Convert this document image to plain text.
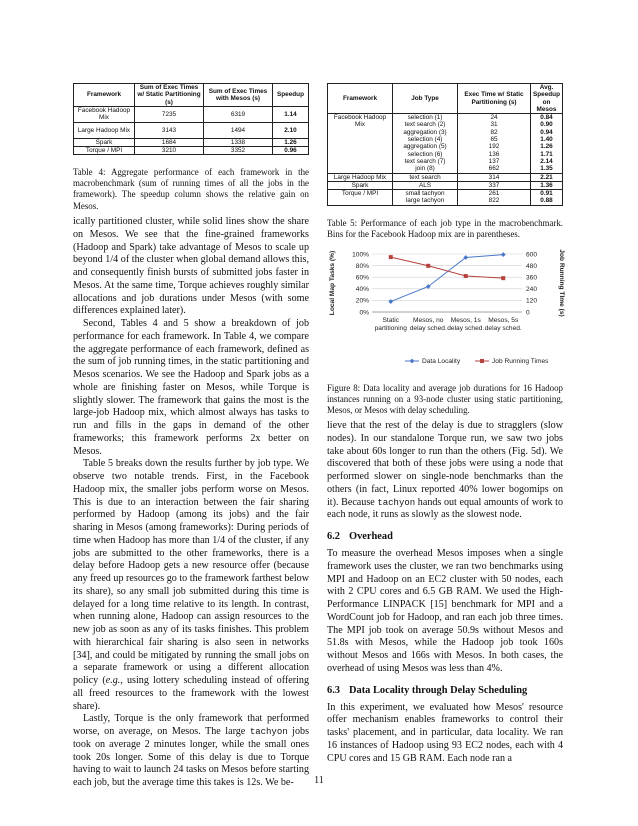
Framework	Sum of Exec Times w/ Static Partitioning (s)	Sum of Exec Times with Mesos (s)	Speedup
Facebook Hadoop Mix	7235	6319	1.14
Large Hadoop Mix	3143	1494	2.10
Spark	1684	1338	1.26
Torque / MPI	3210	3352	0.96
Table 4: Aggregate performance of each framework in the macrobenchmark (sum of running times of all the jobs in the framework). The speedup column shows the relative gain on Mesos.
Framework	Job Type	Exec Time w/ Static Partitioning (s)	Avg. Speedup on Mesos
Facebook Hadoop	selection (1)	24	0.84
Mix	text search (2)	31	0.90
	aggregation (3)	82	0.94
	selection (4)	65	1.40
	aggregation (5)	192	1.26
	selection (6)	136	1.71
	text search (7)	137	2.14
	join (8)	662	1.35
Large Hadoop Mix	text search	314	2.21
Spark	ALS	337	1.36
Torque / MPI	small tachyon	261	0.91
	large tachyon	822	0.88
Table 5: Performance of each job type in the macrobenchmark. Bins for the Facebook Hadoop mix are in parentheses.
0%
20%
40%
60%
80%
100%
0
120
240
360
480
600
Local Map Tasks (%)	Job Running TIme (s)
Static
partitioning
Mesos, no
delay sched.
Mesos, 1s
delay sched.
Mesos, 5s
delay sched.
Data Locality	Job Running Times
Figure 8: Data locality and average job durations for 16 Hadoop instances running on a 93-node cluster using static partitioning, Mesos, or Mesos with delay scheduling.

ically partitioned cluster, while solid lines show the share on Mesos. We see that the fine-grained frameworks (Hadoop and Spark) take advantage of Mesos to scale up beyond 1/4 of the cluster when global demand allows this, and consequently finish bursts of submitted jobs faster in Mesos. At the same time, Torque achieves roughly similar allocations and job durations under Mesos (with some differences explained later).

Second, Tables 4 and 5 show a breakdown of job performance for each framework. In Table 4, we compare the aggregate performance of each framework, defined as the sum of job running times, in the static partitioning and Mesos scenarios. We see the Hadoop and Spark jobs as a whole are finishing faster on Mesos, while Torque is slightly slower. The framework that gains the most is the large-job Hadoop mix, which almost always has tasks to run and fills in the gaps in demand of the other frameworks; this framework performs 2x better on Mesos.

Table 5 breaks down the results further by job type. We observe two notable trends. First, in the Facebook Hadoop mix, the smaller jobs perform worse on Mesos. This is due to an interaction between the fair sharing performed by Hadoop (among its jobs) and the fair sharing in Mesos (among frameworks): During periods of time when Hadoop has more than 1/4 of the cluster, if any jobs are submitted to the other frameworks, there is a delay before Hadoop gets a new resource offer (because any freed up resources go to the framework farthest below its share), so any small job submitted during this time is delayed for a long time relative to its length. In contrast, when running alone, Hadoop can assign resources to the new job as soon as any of its tasks finishes. This problem with hierarchical fair sharing is also seen in networks [34], and could be mitigated by running the small jobs on a separate framework or using a different allocation policy (e.g., using lottery scheduling instead of offering all freed resources to the framework with the lowest share).

Lastly, Torque is the only framework that performed worse, on average, on Mesos. The large tachyon jobs took on average 2 minutes longer, while the small ones took 20s longer. Some of this delay is due to Torque having to wait to launch 24 tasks on Mesos before starting each job, but the average time this takes is 12s. We be-

lieve that the rest of the delay is due to stragglers (slow nodes). In our standalone Torque run, we saw two jobs take about 60s longer to run than the others (Fig. 5d). We discovered that both of these jobs were using a node that performed slower on single-node benchmarks than the others (in fact, Linux reported 40% lower bogomips on it). Because tachyon hands out equal amounts of work to each node, it runs as slowly as the slowest node.

6.2 Overhead

To measure the overhead Mesos imposes when a single framework uses the cluster, we ran two benchmarks using MPI and Hadoop on an EC2 cluster with 50 nodes, each with 2 CPU cores and 6.5 GB RAM. We used the High-Performance LINPACK [15] benchmark for MPI and a WordCount job for Hadoop, and ran each job three times. The MPI job took on average 50.9s without Mesos and 51.8s with Mesos, while the Hadoop job took 160s without Mesos and 166s with Mesos. In both cases, the overhead of using Mesos was less than 4%.

6.3 Data Locality through Delay Scheduling

In this experiment, we evaluated how Mesos' resource offer mechanism enables frameworks to control their tasks' placement, and in particular, data locality. We ran 16 instances of Hadoop using 93 EC2 nodes, each with 4 CPU cores and 15 GB RAM. Each node ran a

11
